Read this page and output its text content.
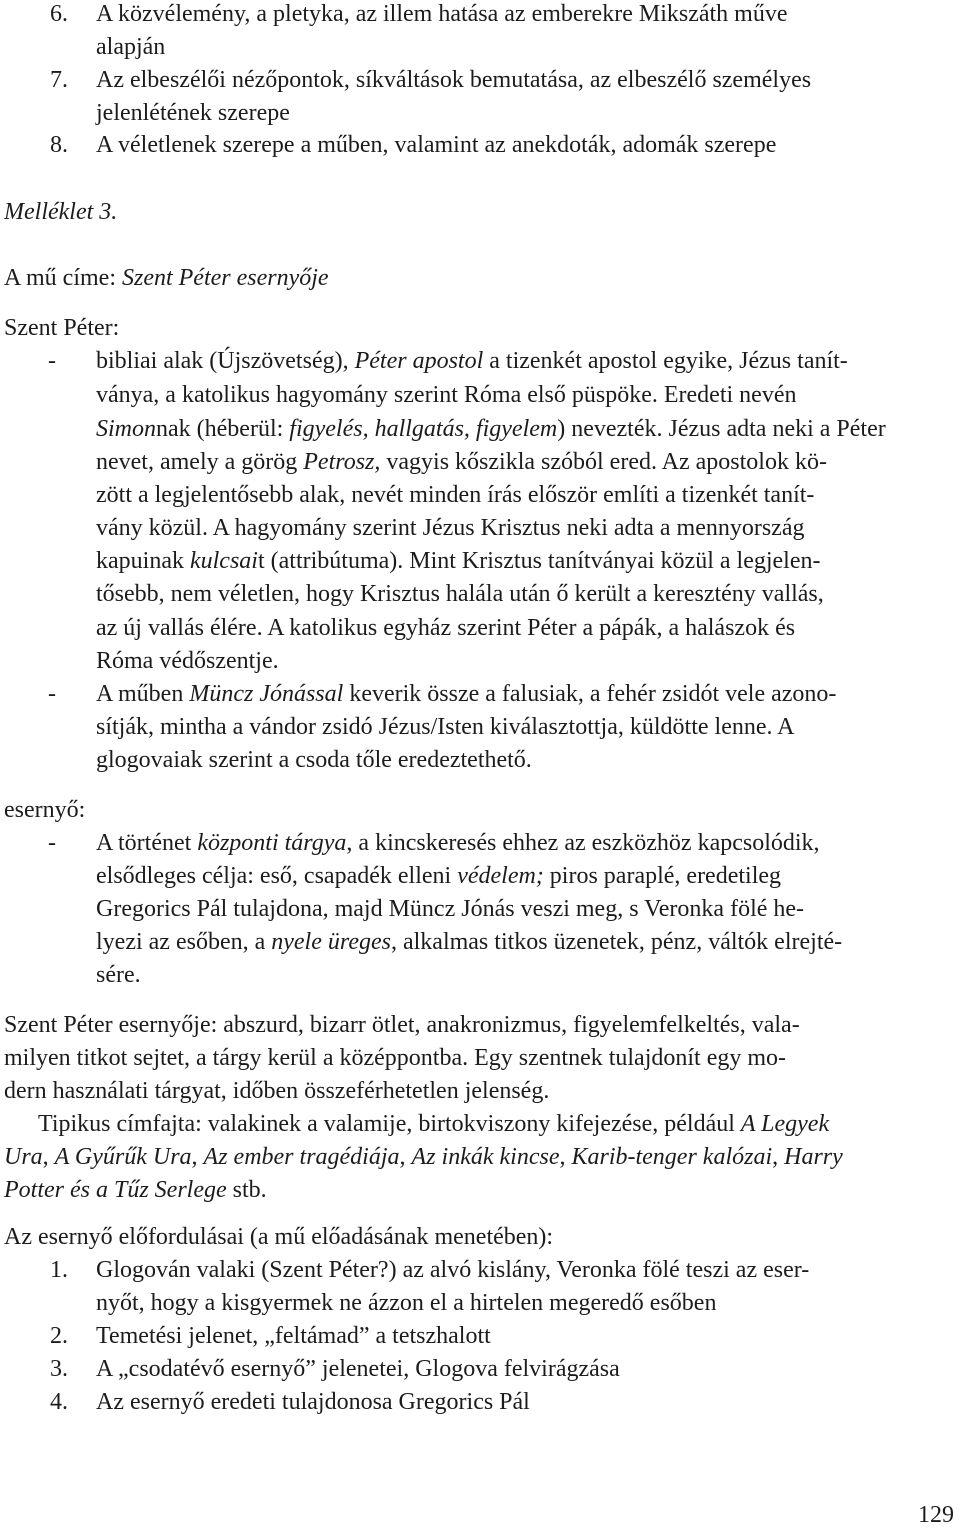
6. A közvélemény, a pletyka, az illem hatása az emberekre Mikszáth műve
alapján
7. Az elbeszélői nézőpontok, síkváltások bemutatása, az elbeszélő személyes
jelenlétének szerepe
8. A véletlenek szerepe a műben, valamint az anekdoták, adomák szerepe
Melléklet 3.
A mű címe: Szent Péter esernyője
Szent Péter:
- bibliai alak (Újszövetség), Péter apostol a tizenkét apostol egyike, Jézus tanít-
ványa, a katolikus hagyomány szerint Róma első püspöke. Eredeti nevén
Simonnak (héberül: figyelés, hallgatás, figyelem) nevezték. Jézus adta neki a Péter
nevet, amely a görög Petrosz, vagyis kőszikla szóból ered. Az apostolok kö-
zött a legjelentősebb alak, nevét minden írás először említi a tizenkét tanít-
vány közül. A hagyomány szerint Jézus Krisztus neki adta a mennyország
kapuinak kulcsait (attribútuma). Mint Krisztus tanítványai közül a legjelen-
tősebb, nem véletlen, hogy Krisztus halála után ő került a keresztény vallás,
az új vallás élére. A katolikus egyház szerint Péter a pápák, a halászok és
Róma védőszentje.
- A műben Müncz Jónással keverik össze a falusiak, a fehér zsidót vele azono-
sítják, mintha a vándor zsidó Jézus/Isten kiválasztottja, küldötte lenne. A
glogovaiak szerint a csoda tőle eredeztethető.
esernyő:
- A történet központi tárgya, a kincskeresés ehhez az eszközhöz kapcsolódik,
elsődleges célja: eső, csapadék elleni védelem; piros paraplé, eredetileg
Gregorics Pál tulajdona, majd Müncz Jónás veszi meg, s Veronka fölé he-
lyezi az esőben, a nyele üreges, alkalmas titkos üzenetek, pénz, váltók elrejté-
sére.
Szent Péter esernyője: abszurd, bizarr ötlet, anakronizmus, figyelemfelkeltés, vala-
milyen titkot sejtet, a tárgy kerül a középpontba. Egy szentnek tulajdonít egy mo-
dern használati tárgyat, időben összeférhetetlen jelenség.
Tipikus címfajta: valakinek a valamije, birtokviszony kifejezése, például A Legyek
Ura, A Gyűrűk Ura, Az ember tragédiája, Az inkák kincse, Karib-tenger kalózai, Harry
Potter és a Tűz Serlege stb.
Az esernyő előfordulásai (a mű előadásának menetében):
1. Glogován valaki (Szent Péter?) az alvó kislány, Veronka fölé teszi az eser-
nyőt, hogy a kisgyermek ne ázzon el a hirtelen megeredő esőben
2. Temetési jelenet, „feltámad” a tetszhalott
3. A „csodatévő esernyő” jelenetei, Glogova felvirágzása
4. Az esernyő eredeti tulajdonosa Gregorics Pál
129
